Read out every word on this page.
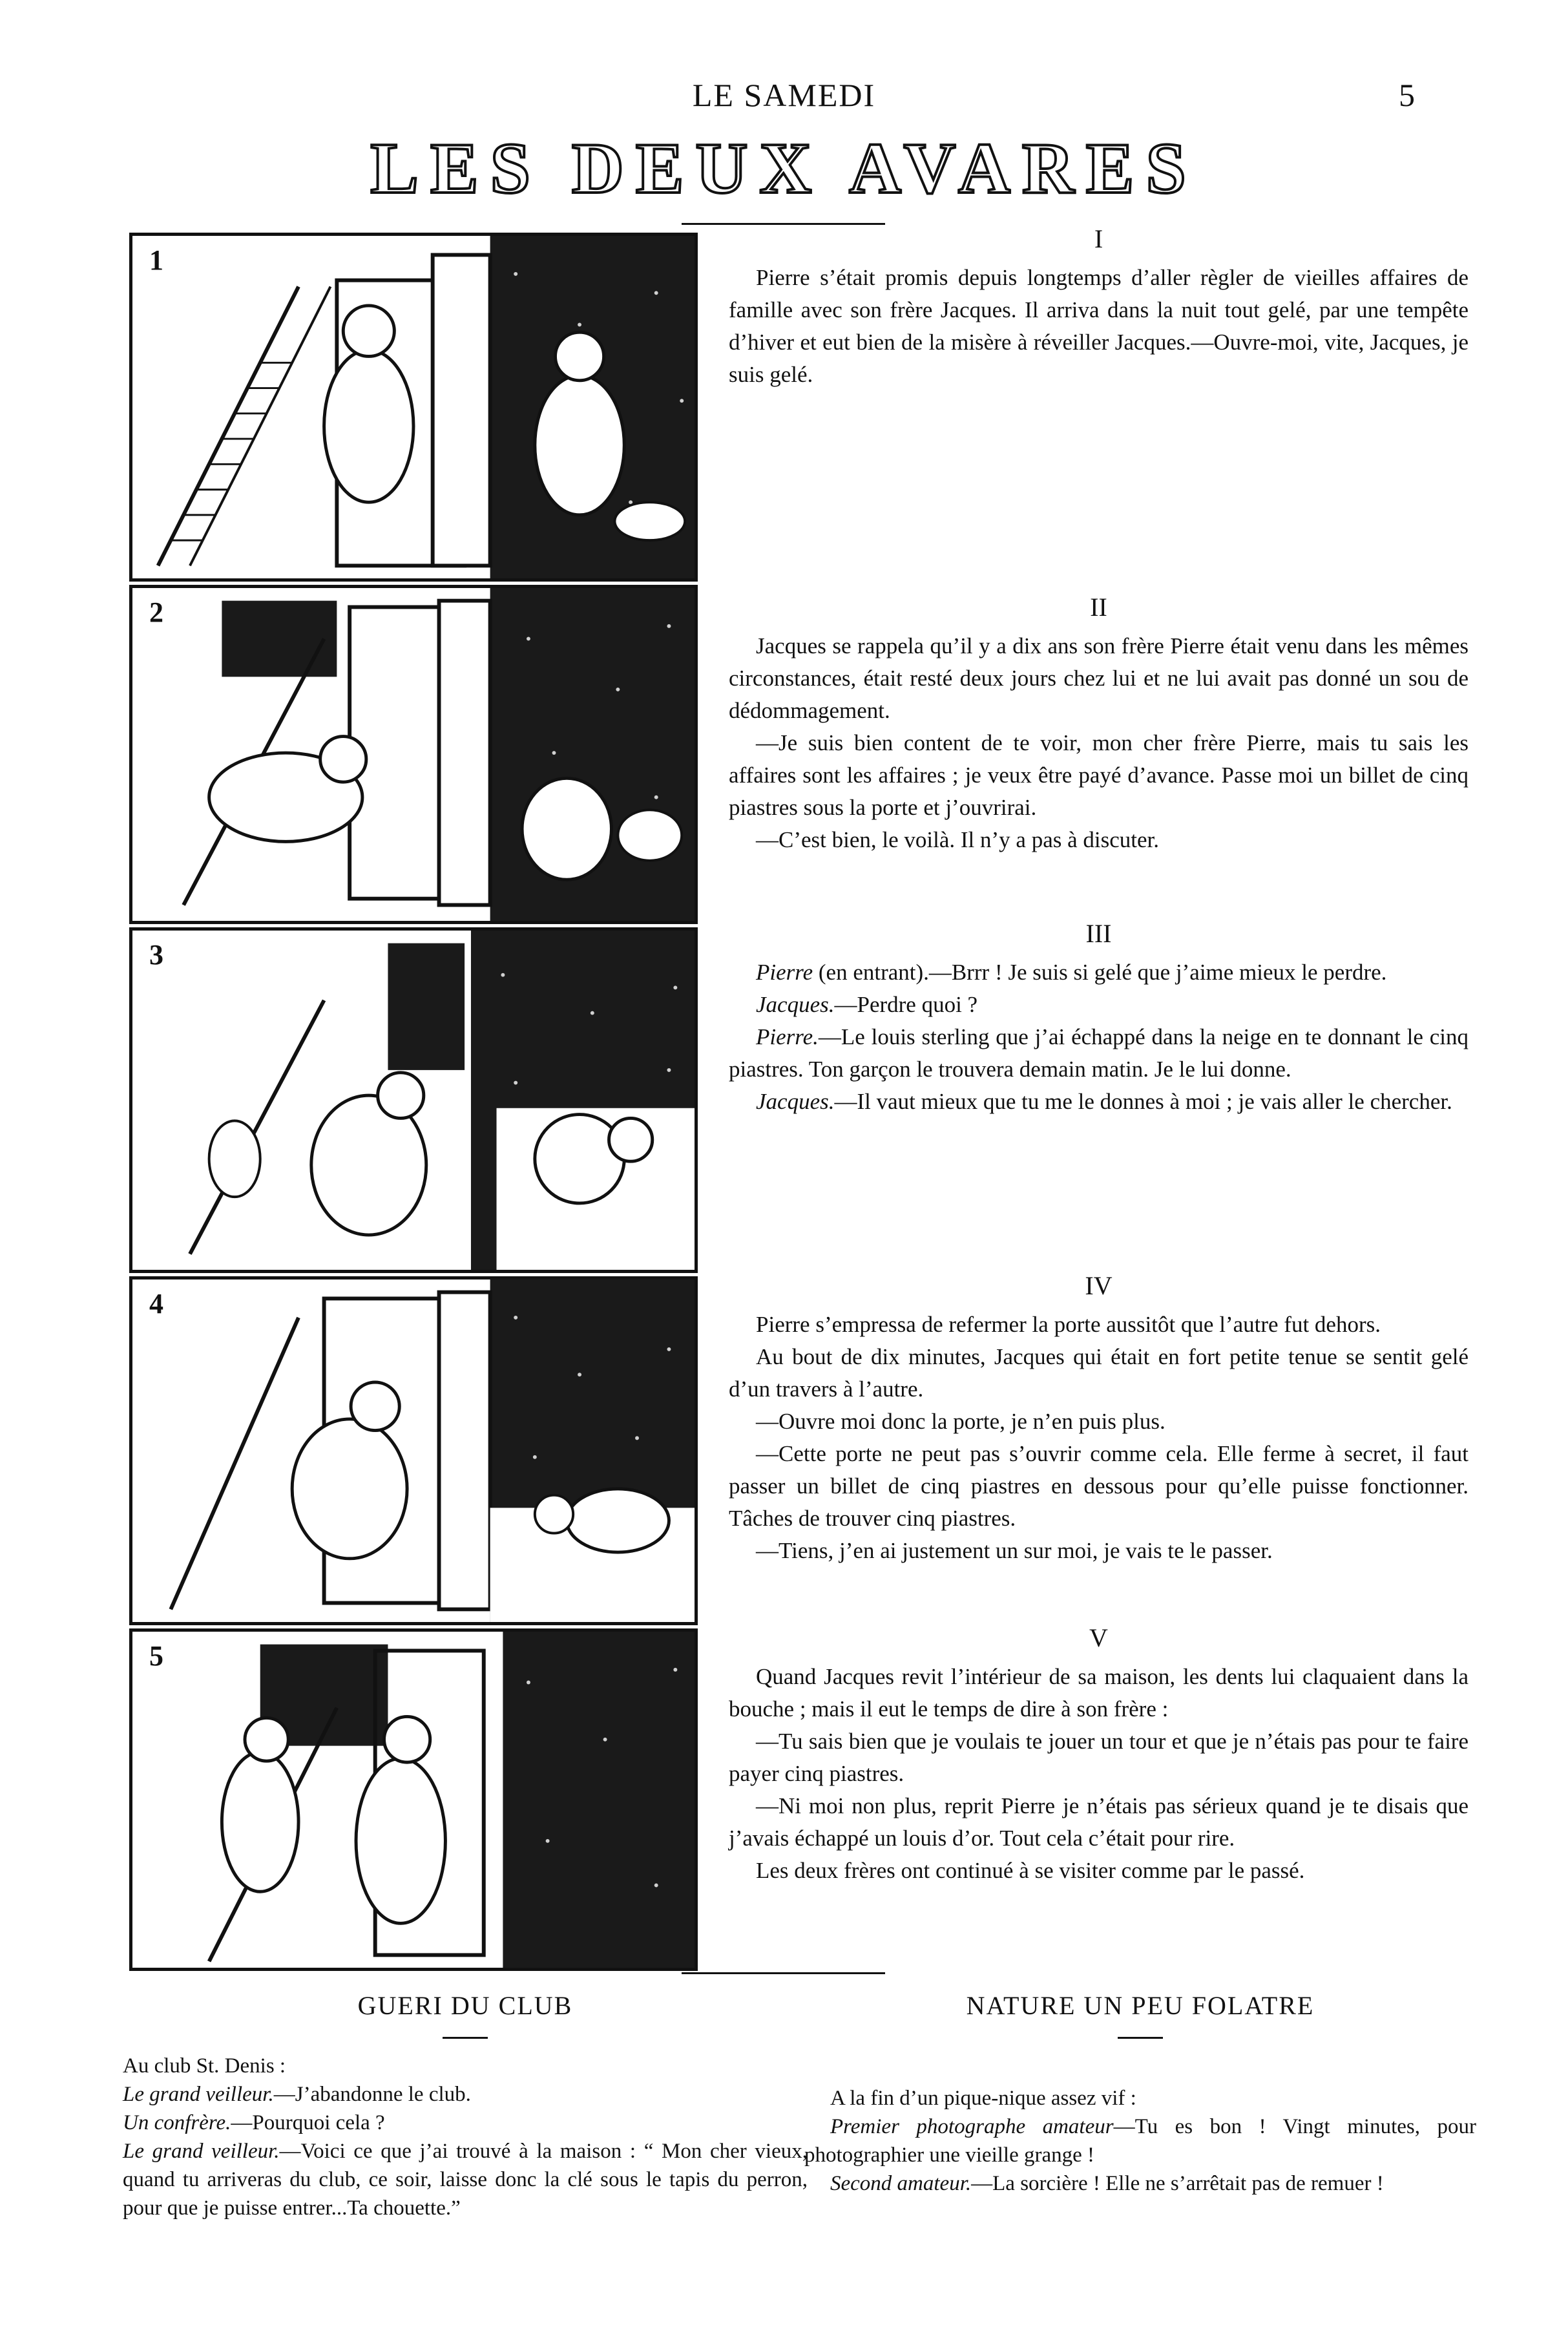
LE SAMEDI	5
LES DEUX AVARES
1
2
3
4
5
I

Pierre s’était promis depuis longtemps d’aller règler de vieilles affaires de famille avec son frère Jacques. Il arriva dans la nuit tout gelé, par une tempête d’hiver et eut bien de la misère à réveiller Jacques.—Ouvre-moi, vite, Jacques, je suis gelé.

II

Jacques se rappela qu’il y a dix ans son frère Pierre était venu dans les mêmes circonstances, était resté deux jours chez lui et ne lui avait pas donné un sou de dédommagement.

—Je suis bien content de te voir, mon cher frère Pierre, mais tu sais les affaires sont les affaires ; je veux être payé d’avance. Passe moi un billet de cinq piastres sous la porte et j’ouvrirai.

—C’est bien, le voilà. Il n’y a pas à discuter.

III

Pierre (en entrant).—Brrr ! Je suis si gelé que j’aime mieux le perdre.

Jacques.—Perdre quoi ?

Pierre.—Le louis sterling que j’ai échappé dans la neige en te donnant le cinq piastres. Ton garçon le trouvera demain matin. Je le lui donne.

Jacques.—Il vaut mieux que tu me le donnes à moi ; je vais aller le chercher.

IV

Pierre s’empressa de refermer la porte aussitôt que l’autre fut dehors.

Au bout de dix minutes, Jacques qui était en fort petite tenue se sentit gelé d’un travers à l’autre.

—Ouvre moi donc la porte, je n’en puis plus.

—Cette porte ne peut pas s’ouvrir comme cela. Elle ferme à secret, il faut passer un billet de cinq piastres en dessous pour qu’elle puisse fonctionner. Tâches de trouver cinq piastres.

—Tiens, j’en ai justement un sur moi, je vais te le passer.

V

Quand Jacques revit l’intérieur de sa maison, les dents lui claquaient dans la bouche ; mais il eut le temps de dire à son frère :

—Tu sais bien que je voulais te jouer un tour et que je n’étais pas pour te faire payer cinq piastres.

—Ni moi non plus, reprit Pierre je n’étais pas sérieux quand je te disais que j’avais échappé un louis d’or. Tout cela c’était pour rire.

Les deux frères ont continué à se visiter comme par le passé.

GUERI DU CLUB

Au club St. Denis :

Le grand veilleur.—J’abandonne le club.

Un confrère.—Pourquoi cela ?

Le grand veilleur.—Voici ce que j’ai trouvé à la maison : “ Mon cher vieux, quand tu arriveras du club, ce soir, laisse donc la clé sous le tapis du perron, pour que je puisse entrer...Ta chouette.”

NATURE UN PEU FOLATRE

A la fin d’un pique-nique assez vif :

Premier photographe amateur—Tu es bon ! Vingt minutes, pour photographier une vieille grange !

Second amateur.—La sorcière ! Elle ne s’arrêtait pas de remuer !
